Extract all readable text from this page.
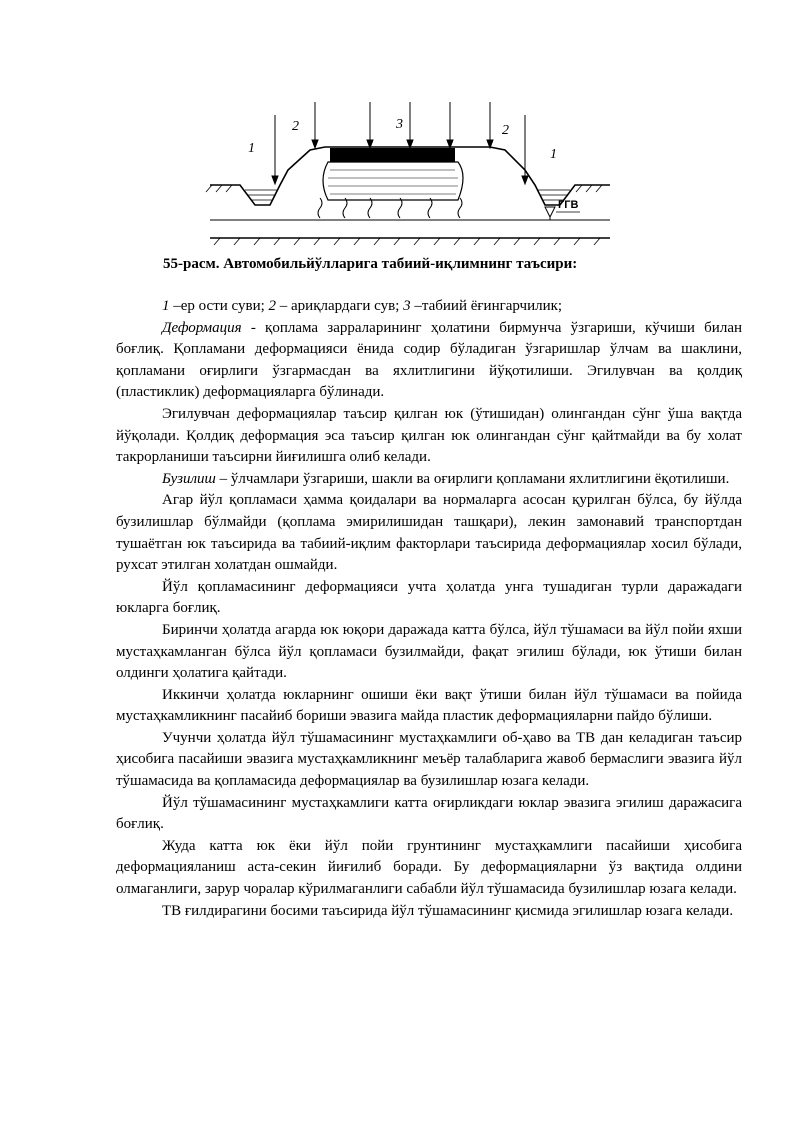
1
2	3	2
1
ГГВ
55-расм. Автомобильйўлларига табиий-иқлимнинг таъсири:

1 –ер ости суви; 2 – ариқлардаги сув; 3 –табиий ёғингарчилик;

Деформация - қоплама зарраларининг ҳолатини бирмунча ўзгариши, кўчиши билан боғлиқ. Қопламани деформацияси ёнида содир бўладиган ўзгаришлар ўлчам ва шаклини, қопламани оғирлиги ўзгармасдан ва яхлитлигини йўқотилиши. Эгилувчан ва қолдиқ (пластиклик) деформацияларга бўлинади.

Эгилувчан деформациялар таъсир қилган юк (ўтишидан) олингандан сўнг ўша вақтда йўқолади. Қолдиқ деформация эса таъсир қилган юк олингандан сўнг қайтмайди ва бу холат такрорланиши таъсирни йиғилишга олиб келади.

Бузилиш – ўлчамлари ўзгариши, шакли ва оғирлиги қопламани яхлитлигини ёқотилиши.

Агар йўл қопламаси ҳамма қоидалари ва нормаларга асосан қурилган бўлса, бу йўлда бузилишлар бўлмайди (қоплама эмирилишидан ташқари), лекин замонавий транспортдан тушаётган юк таъсирида ва табиий-иқлим факторлари таъсирида деформациялар хосил бўлади, рухсат этилган холатдан ошмайди.

Йўл қопламасининг деформацияси учта ҳолатда унга тушадиган турли даражадаги юкларга боғлиқ.

Биринчи ҳолатда агарда юк юқори даражада катта бўлса, йўл тўшамаси ва йўл пойи яхши мустаҳкамланган бўлса йўл қопламаси бузилмайди, фақат эгилиш бўлади, юк ўтиши билан олдинги ҳолатига қайтади.

Иккинчи ҳолатда юкларнинг ошиши ёки вақт ўтиши билан йўл тўшамаси ва пойида мустаҳкамликнинг пасайиб бориши эвазига майда пластик деформацияларни пайдо бўлиши.

Учунчи ҳолатда йўл тўшамасининг мустаҳкамлиги об-ҳаво ва ТВ дан келадиган таъсир ҳисобига пасайиши эвазига мустаҳкамликнинг меъёр талабларига жавоб бермаслиги эвазига йўл тўшамасида ва қопламасида деформациялар ва бузилишлар юзага келади.

Йўл тўшамасининг мустаҳкамлиги катта оғирликдаги юклар эвазига эгилиш даражасига боғлиқ.

Жуда катта юк ёки йўл пойи грунтининг мустаҳкамлиги пасайиши ҳисобига деформацияланиш аста-секин йиғилиб боради. Бу деформацияларни ўз вақтида олдини олмаганлиги, зарур чоралар кўрилмаганлиги сабабли йўл тўшамасида бузилишлар юзага келади.

ТВ ғилдирагини босими таъсирида йўл тўшамасининг қисмида эгилишлар юзага келади.
